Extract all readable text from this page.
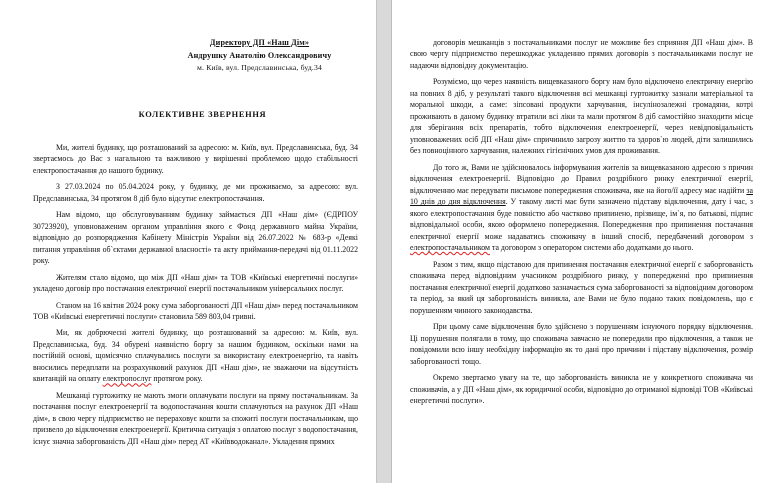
Директору ДП «Наш Дім»
Андрушку Анатолію Олександровичу
м. Київ, вул. Предславинська, буд.34
КОЛЕКТИВНЕ ЗВЕРНЕННЯ

Ми, жителі будинку, що розташований за адресою: м. Київ, вул. Предславинська, буд. 34 звертаємось до Вас з нагальною та важливою у вирішенні проблемою щодо стабільності електропостачання до нашого будинку.

З 27.03.2024 по 05.04.2024 року, у будинку, де ми проживаємо, за адресою: вул. Предславинська, 34 протягом 8 діб було відсутнє електропостачання.

Нам відомо, що обслуговуванням будинку займається ДП «Наш дім» (ЄДРПОУ 30723920), уповноваженим органом управління якого є Фонд державного майна України, відповідно до розпорядження Кабінету Міністрів України від 26.07.2022 № 683-р «Деякі питання управління об`єктами державної власності» та акту приймання-передачі від 01.11.2022 року.

Жителям стало відомо, що між ДП «Наш дім» та ТОВ «Київські енергетичні послуги» укладено договір про постачання електричної енергії постачальником універсальних послуг.

Станом на 16 квітня 2024 року сума заборгованості ДП «Наш дім» перед постачальником ТОВ «Київські енергетичні послуги» становила 589 803,04 гривні.

Ми, як добрючесні жителі будинку, що розташований за адресою: м. Київ, вул. Предславинська, буд. 34 обурені наявністю боргу за нашим будинком, оскільки нами на постійній основі, щомісячно сплачувались послуги за використану електроенергію, та навіть вносились передплати на розрахунковий рахунок ДП «Наш дім», не зважаючи на відсутність квитанцій на оплату електропослуг протягом року.

Мешканці гуртожитку не мають змоги оплачувати послуги на пряму постачальникам. За постачання послуг електроенергії та водопостачання кошти сплачуються на рахунок ДП «Наш дім», в свою чергу підприємство не перераховує кошти за спожиті послуги постачальникам, що призвело до відключення електроенергії. Критична ситуація з оплатою послуг з водопостачання, існує значна заборгованість ДП «Наш дім» перед АТ «Київводоканал». Укладення прямих

договорів мешканців з постачальниками послуг не можливе без сприяння ДП «Наш дім». В свою чергу підприємство перешкоджає укладенню прямих договорів з постачальниками послуг не надаючи відповідну документацію.

Розуміємо, що через наявність вищевказаного боргу нам було відключено електричну енергію на повних 8 діб, у результаті такого відключення всі мешканці гуртожитку зазнали матеріальної та моральної шкоди, а саме: зіпсовані продукти харчування, інсулінозалежні громадяни, котрі проживають в даному будинку втратили всі ліки та мали протягом 8 діб самостійно знаходити місце для зберігання всіх препаратів, тобто відключення електроенергії, через невідповідальність уповноважених осіб ДП «Наш дім» спричинило загрозу життю та здоров`ю людей, діти залишились без повноцінного харчування, належних гігієнічних умов для проживання.

До того ж, Вами не здійснювалось інформування жителів за вищевказаною адресою з причин відключення електроенергії. Відповідно до Правил роздрібного ринку електричної енергії, відключенню має передувати письмове попередження споживача, яке на його/її адресу має надійти за 10 днів до дня відключення. У такому листі має бути зазначено підставу відключення, дату і час, з якого електропостачання буде повністю або частково припинено, прізвище, ім`я, по батькові, підпис відповідальної особи, якою оформлено попередження. Попередження про припинення постачання електричної енергії може надаватись споживачу в інший спосіб, передбачений договором з електропостачальником та договором з оператором системи або додатками до нього.

Разом з тим, якщо підставою для припинення постачання електричної енергії є заборгованість споживача перед відповідним учасником роздрібного ринку, у попередженні про припинення постачання електричної енергії додатково зазначається сума заборгованості за відповідним договором та період, за який ця заборгованість виникла, але Вами не було подано таких повідомлень, що є порушенням чинного законодавства.

При цьому саме відключення було здійснено з порушенням існуючого порядку відключення. Ці порушення полягали в тому, що споживача завчасно не попередили про відключення, а також не повідомили всю іншу необхідну інформацію як то дані про причини і підставу відключення, розмір заборгованості тощо.

Окремо звертаємо увагу на те, що заборгованість виникла не у конкретного споживача чи споживачів, а у ДП «Наш дім», як юридичної особи, відповідно до отриманої відповіді ТОВ «Київські енергетичні послуги».
